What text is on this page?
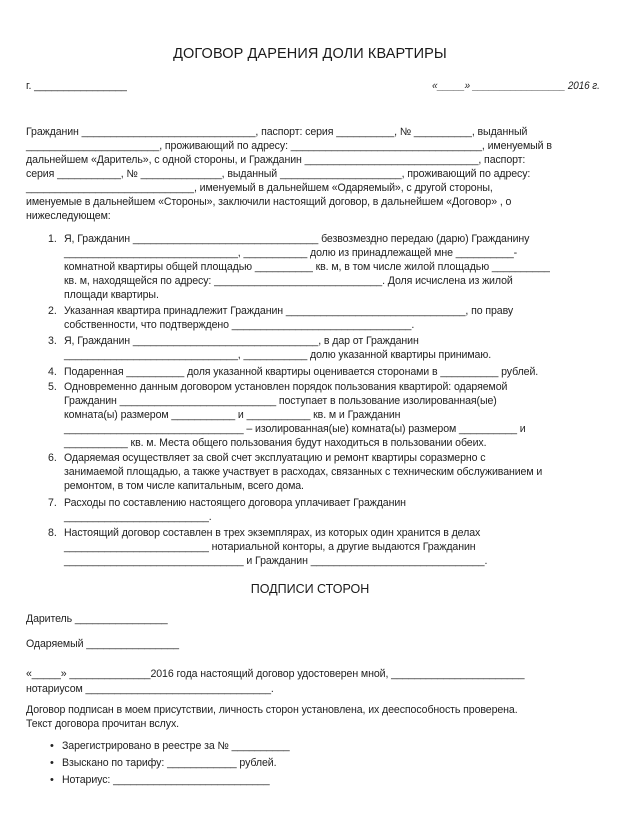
ДОГОВОР ДАРЕНИЯ ДОЛИ КВАРТИРЫ
г. ________________	«_____» _________________ 2016 г.
Гражданин ______________________________, паспорт: серия __________, № __________, выданный
_______________________, проживающий по адресу: _________________________________, именуемый в
дальнейшем «Даритель», с одной стороны, и Гражданин ______________________________, паспорт:
серия ___________, № ______________, выданный _____________________, проживающий по адресу:
_____________________________, именуемый в дальнейшем «Одаряемый», с другой стороны,
именуемые в дальнейшем «Стороны», заключили настоящий договор, в дальнейшем «Договор» , о
нижеследующем:
1. Я, Гражданин ________________________________ безвозмездно передаю (дарю) Гражданину
______________________________, ___________ долю из принадлежащей мне __________-
комнатной квартиры общей площадью __________ кв. м, в том числе жилой площадью __________
кв. м, находящейся по адресу: _____________________________. Доля исчислена из жилой
площади квартиры.
2. Указанная квартира принадлежит Гражданин _______________________________, по праву
собственности, что подтверждено _______________________________.
3. Я, Гражданин ________________________________, в дар от Гражданин
______________________________, ___________ долю указанной квартиры принимаю.
4. Подаренная __________ доля указанной квартиры оценивается сторонами в __________ рублей.
5. Одновременно данным договором установлен порядок пользования квартирой: одаряемой
Гражданин ___________________________ поступает в пользование изолированная(ые)
комната(ы) размером ___________ и ___________ кв. м и Гражданин
_______________________________ – изолированная(ые) комната(ы) размером __________ и
___________ кв. м. Места общего пользования будут находиться в пользовании обеих.
6. Одаряемая осуществляет за свой счет эксплуатацию и ремонт квартиры соразмерно с
занимаемой площадью, а также участвует в расходах, связанных с техническим обслуживанием и
ремонтом, в том числе капитальным, всего дома.
7. Расходы по составлению настоящего договора уплачивает Гражданин
_________________________.
8. Настоящий договор составлен в трех экземплярах, из которых один хранится в делах
_________________________ нотариальной конторы, а другие выдаются Гражданин
_______________________________ и Гражданин ______________________________.
ПОДПИСИ СТОРОН
Даритель ________________
Одаряемый ________________
«_____» ______________2016 года настоящий договор удостоверен мной, _______________________
нотариусом ________________________________.
Договор подписан в моем присутствии, личность сторон установлена, их дееспособность проверена.
Текст договора прочитан вслух.
• Зарегистрировано в реестре за № __________
• Взыскано по тарифу: ____________ рублей.
• Нотариус: ___________________________
